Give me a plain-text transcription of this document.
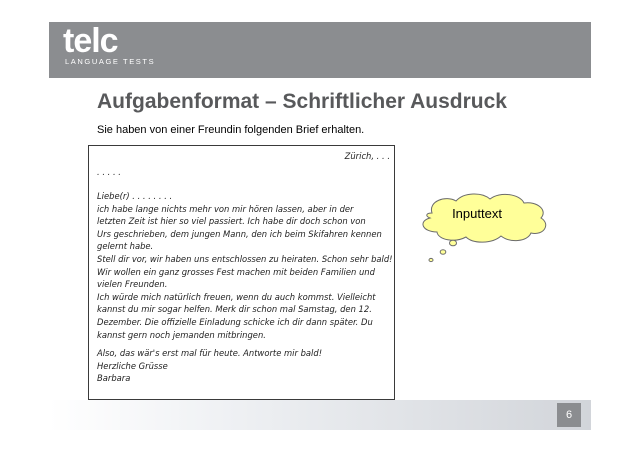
telc
LANGUAGE TESTS
Aufgabenformat – Schriftlicher Ausdruck
Sie haben von einer Freundin folgenden Brief erhalten.
Zürich, . . .
. . . . .
Liebe(r) . . . . . . . .
ich habe lange nichts mehr von mir hören lassen, aber in der
letzten Zeit ist hier so viel passiert. Ich habe dir doch schon von
Urs geschrieben, dem jungen Mann, den ich beim Skifahren kennen
gelernt habe.
Stell dir vor, wir haben uns entschlossen zu heiraten. Schon sehr bald!
Wir wollen ein ganz grosses Fest machen mit beiden Familien und
vielen Freunden.
Ich würde mich natürlich freuen, wenn du auch kommst. Vielleicht
kannst du mir sogar helfen. Merk dir schon mal Samstag, den 12.
Dezember. Die offizielle Einladung schicke ich dir dann später. Du
kannst gern noch jemanden mitbringen.
Also, das wär's erst mal für heute. Antworte mir bald!
Herzliche Grüsse
Barbara
Inputtext
6
